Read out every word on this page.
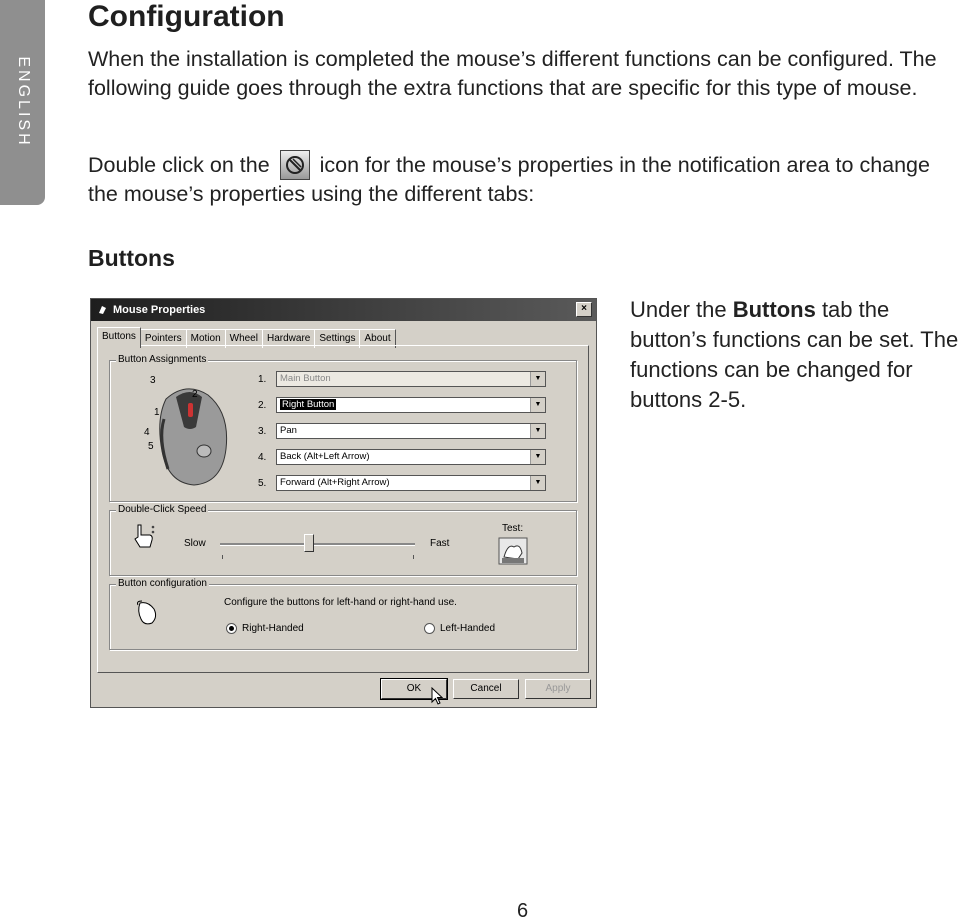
ENGLISH
Configuration
When the installation is completed the mouse’s different functions can be configured. The following guide goes through the extra functions that are specific for this type of mouse.
Double click on the icon for the mouse’s properties in the notification area to change the mouse’s properties using the different tabs:
Buttons
Mouse Properties	×
Buttons Pointers Motion Wheel Hardware Settings About
Button Assignments
3
2
1
4
5
1.	Main Button	▼
2.	Right Button	▼
3.	Pan	▼
4.	Back (Alt+Left Arrow)	▼
5.	Forward (Alt+Right Arrow)	▼
Double-Click Speed
Slow	Fast
Test:
Button configuration
Configure the buttons for left-hand or right-hand use.
Right-Handed	Left-Handed
OK	Cancel	Apply
Under the Buttons tab the button’s functions can be set. The functions can be changed for buttons 2-5.
6
